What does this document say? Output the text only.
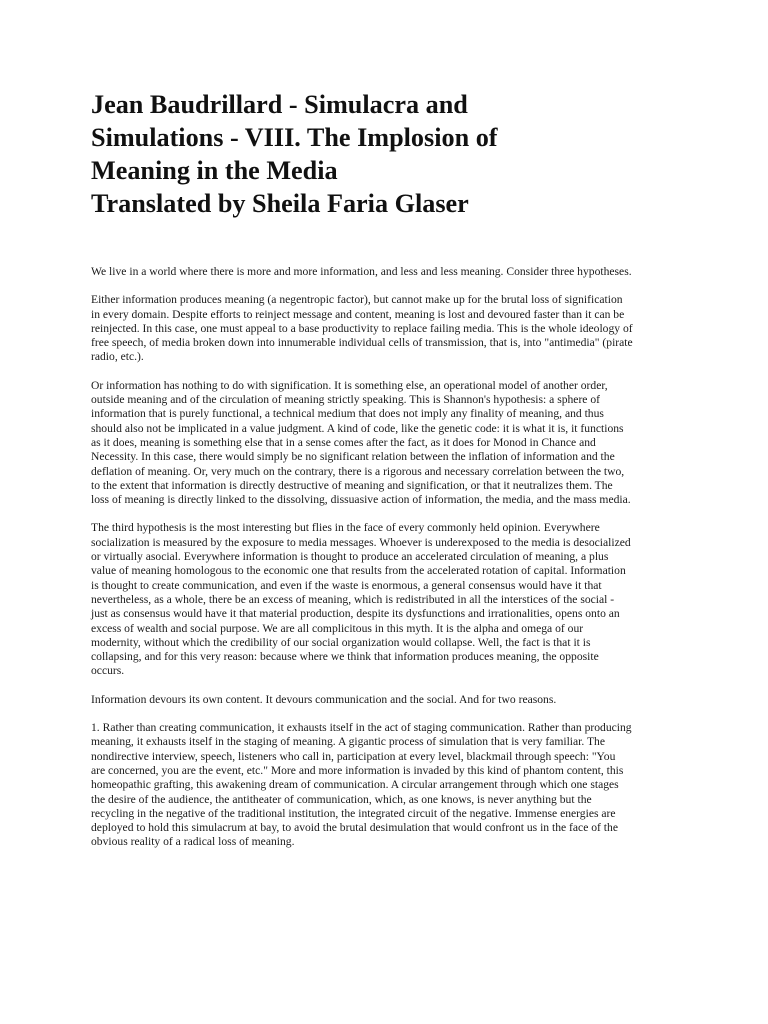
Jean Baudrillard - Simulacra and
Simulations - VIII. The Implosion of
Meaning in the Media
Translated by Sheila Faria Glaser

We live in a world where there is more and more information, and less and less meaning. Consider three hypotheses.

Either information produces meaning (a negentropic factor), but cannot make up for the brutal loss of signification
in every domain. Despite efforts to reinject message and content, meaning is lost and devoured faster than it can be
reinjected. In this case, one must appeal to a base productivity to replace failing media. This is the whole ideology of
free speech, of media broken down into innumerable individual cells of transmission, that is, into "antimedia" (pirate
radio, etc.).

Or information has nothing to do with signification. It is something else, an operational model of another order,
outside meaning and of the circulation of meaning strictly speaking. This is Shannon's hypothesis: a sphere of
information that is purely functional, a technical medium that does not imply any finality of meaning, and thus
should also not be implicated in a value judgment. A kind of code, like the genetic code: it is what it is, it functions
as it does, meaning is something else that in a sense comes after the fact, as it does for Monod in Chance and
Necessity. In this case, there would simply be no significant relation between the inflation of information and the
deflation of meaning. Or, very much on the contrary, there is a rigorous and necessary correlation between the two,
to the extent that information is directly destructive of meaning and signification, or that it neutralizes them. The
loss of meaning is directly linked to the dissolving, dissuasive action of information, the media, and the mass media.

The third hypothesis is the most interesting but flies in the face of every commonly held opinion. Everywhere
socialization is measured by the exposure to media messages. Whoever is underexposed to the media is desocialized
or virtually asocial. Everywhere information is thought to produce an accelerated circulation of meaning, a plus
value of meaning homologous to the economic one that results from the accelerated rotation of capital. Information
is thought to create communication, and even if the waste is enormous, a general consensus would have it that
nevertheless, as a whole, there be an excess of meaning, which is redistributed in all the interstices of the social -
just as consensus would have it that material production, despite its dysfunctions and irrationalities, opens onto an
excess of wealth and social purpose. We are all complicitous in this myth. It is the alpha and omega of our
modernity, without which the credibility of our social organization would collapse. Well, the fact is that it is
collapsing, and for this very reason: because where we think that information produces meaning, the opposite
occurs.

Information devours its own content. It devours communication and the social. And for two reasons.

1. Rather than creating communication, it exhausts itself in the act of staging communication. Rather than producing
meaning, it exhausts itself in the staging of meaning. A gigantic process of simulation that is very familiar. The
nondirective interview, speech, listeners who call in, participation at every level, blackmail through speech: "You
are concerned, you are the event, etc." More and more information is invaded by this kind of phantom content, this
homeopathic grafting, this awakening dream of communication. A circular arrangement through which one stages
the desire of the audience, the antitheater of communication, which, as one knows, is never anything but the
recycling in the negative of the traditional institution, the integrated circuit of the negative. Immense energies are
deployed to hold this simulacrum at bay, to avoid the brutal desimulation that would confront us in the face of the
obvious reality of a radical loss of meaning.
